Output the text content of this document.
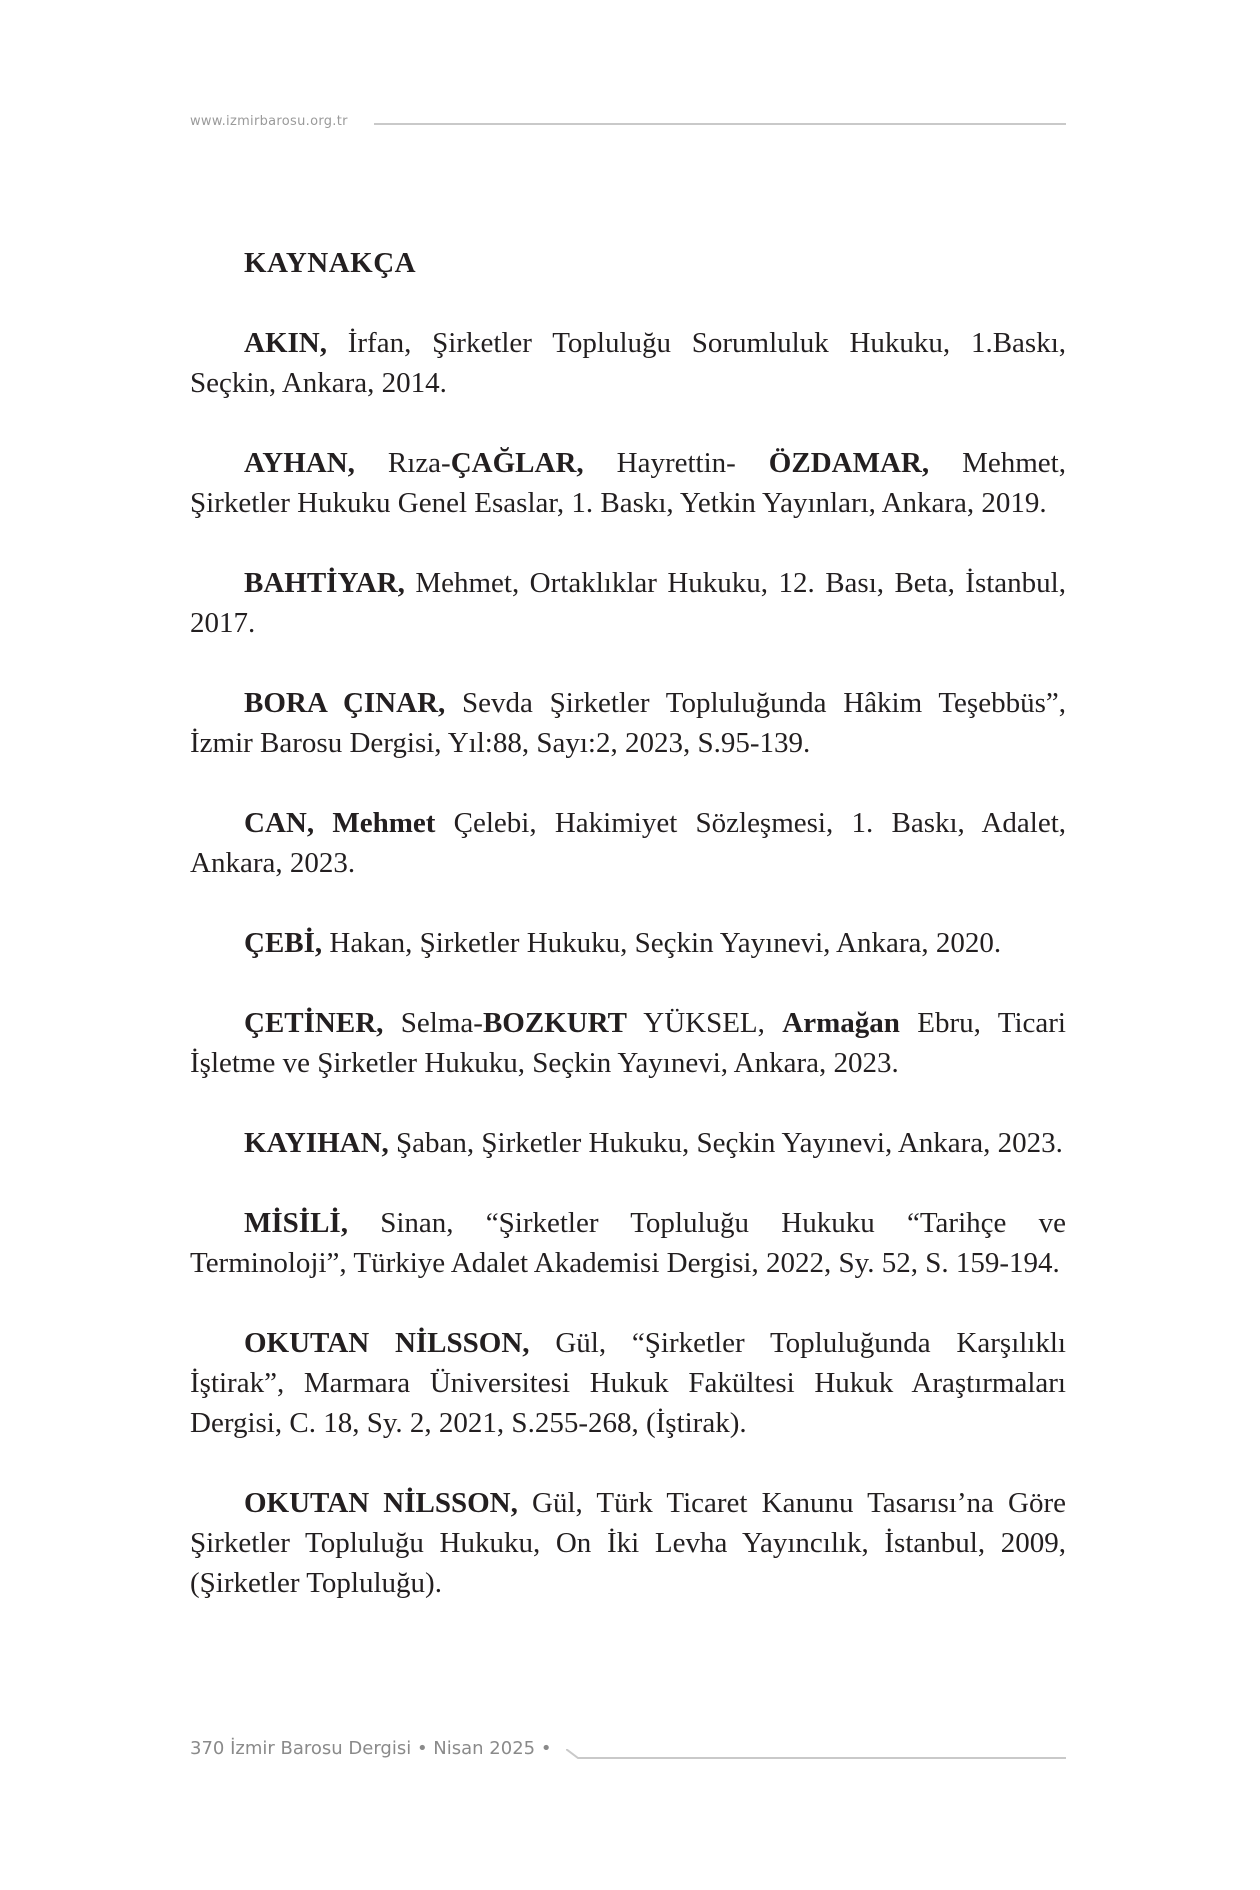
www.izmirbarosu.org.tr
KAYNAKÇA

AKIN, İrfan, Şirketler Topluluğu Sorumluluk Hukuku, 1.Baskı, Seçkin, Ankara, 2014.

AYHAN, Rıza-ÇAĞLAR, Hayrettin- ÖZDAMAR, Mehmet, Şirketler Hukuku Genel Esaslar, 1. Baskı, Yetkin Yayınları, Ankara, 2019.

BAHTİYAR, Mehmet, Ortaklıklar Hukuku, 12. Bası, Beta, İstanbul, 2017.

BORA ÇINAR, Sevda Şirketler Topluluğunda Hâkim Teşebbüs”, İzmir Barosu Dergisi, Yıl:88, Sayı:2, 2023, S.95-139.

CAN, Mehmet Çelebi, Hakimiyet Sözleşmesi, 1. Baskı, Adalet, Ankara, 2023.

ÇEBİ, Hakan, Şirketler Hukuku, Seçkin Yayınevi, Ankara, 2020.

ÇETİNER, Selma-BOZKURT YÜKSEL, Armağan Ebru, Ticari İşletme ve Şirketler Hukuku, Seçkin Yayınevi, Ankara, 2023.

KAYIHAN, Şaban, Şirketler Hukuku, Seçkin Yayınevi, Ankara, 2023.

MİSİLİ, Sinan, “Şirketler Topluluğu Hukuku “Tarihçe ve Terminoloji”, Türkiye Adalet Akademisi Dergisi, 2022, Sy. 52, S. 159-194.

OKUTAN NİLSSON, Gül, “Şirketler Topluluğunda Karşılıklı İştirak”, Marmara Üniversitesi Hukuk Fakültesi Hukuk Araştırmaları Dergisi, C. 18, Sy. 2, 2021, S.255-268, (İştirak).

OKUTAN NİLSSON, Gül, Türk Ticaret Kanunu Tasarısı’na Göre Şirketler Topluluğu Hukuku, On İki Levha Yayıncılık, İstanbul, 2009, (Şirketler Topluluğu).

370 İzmir Barosu Dergisi • Nisan 2025 •
